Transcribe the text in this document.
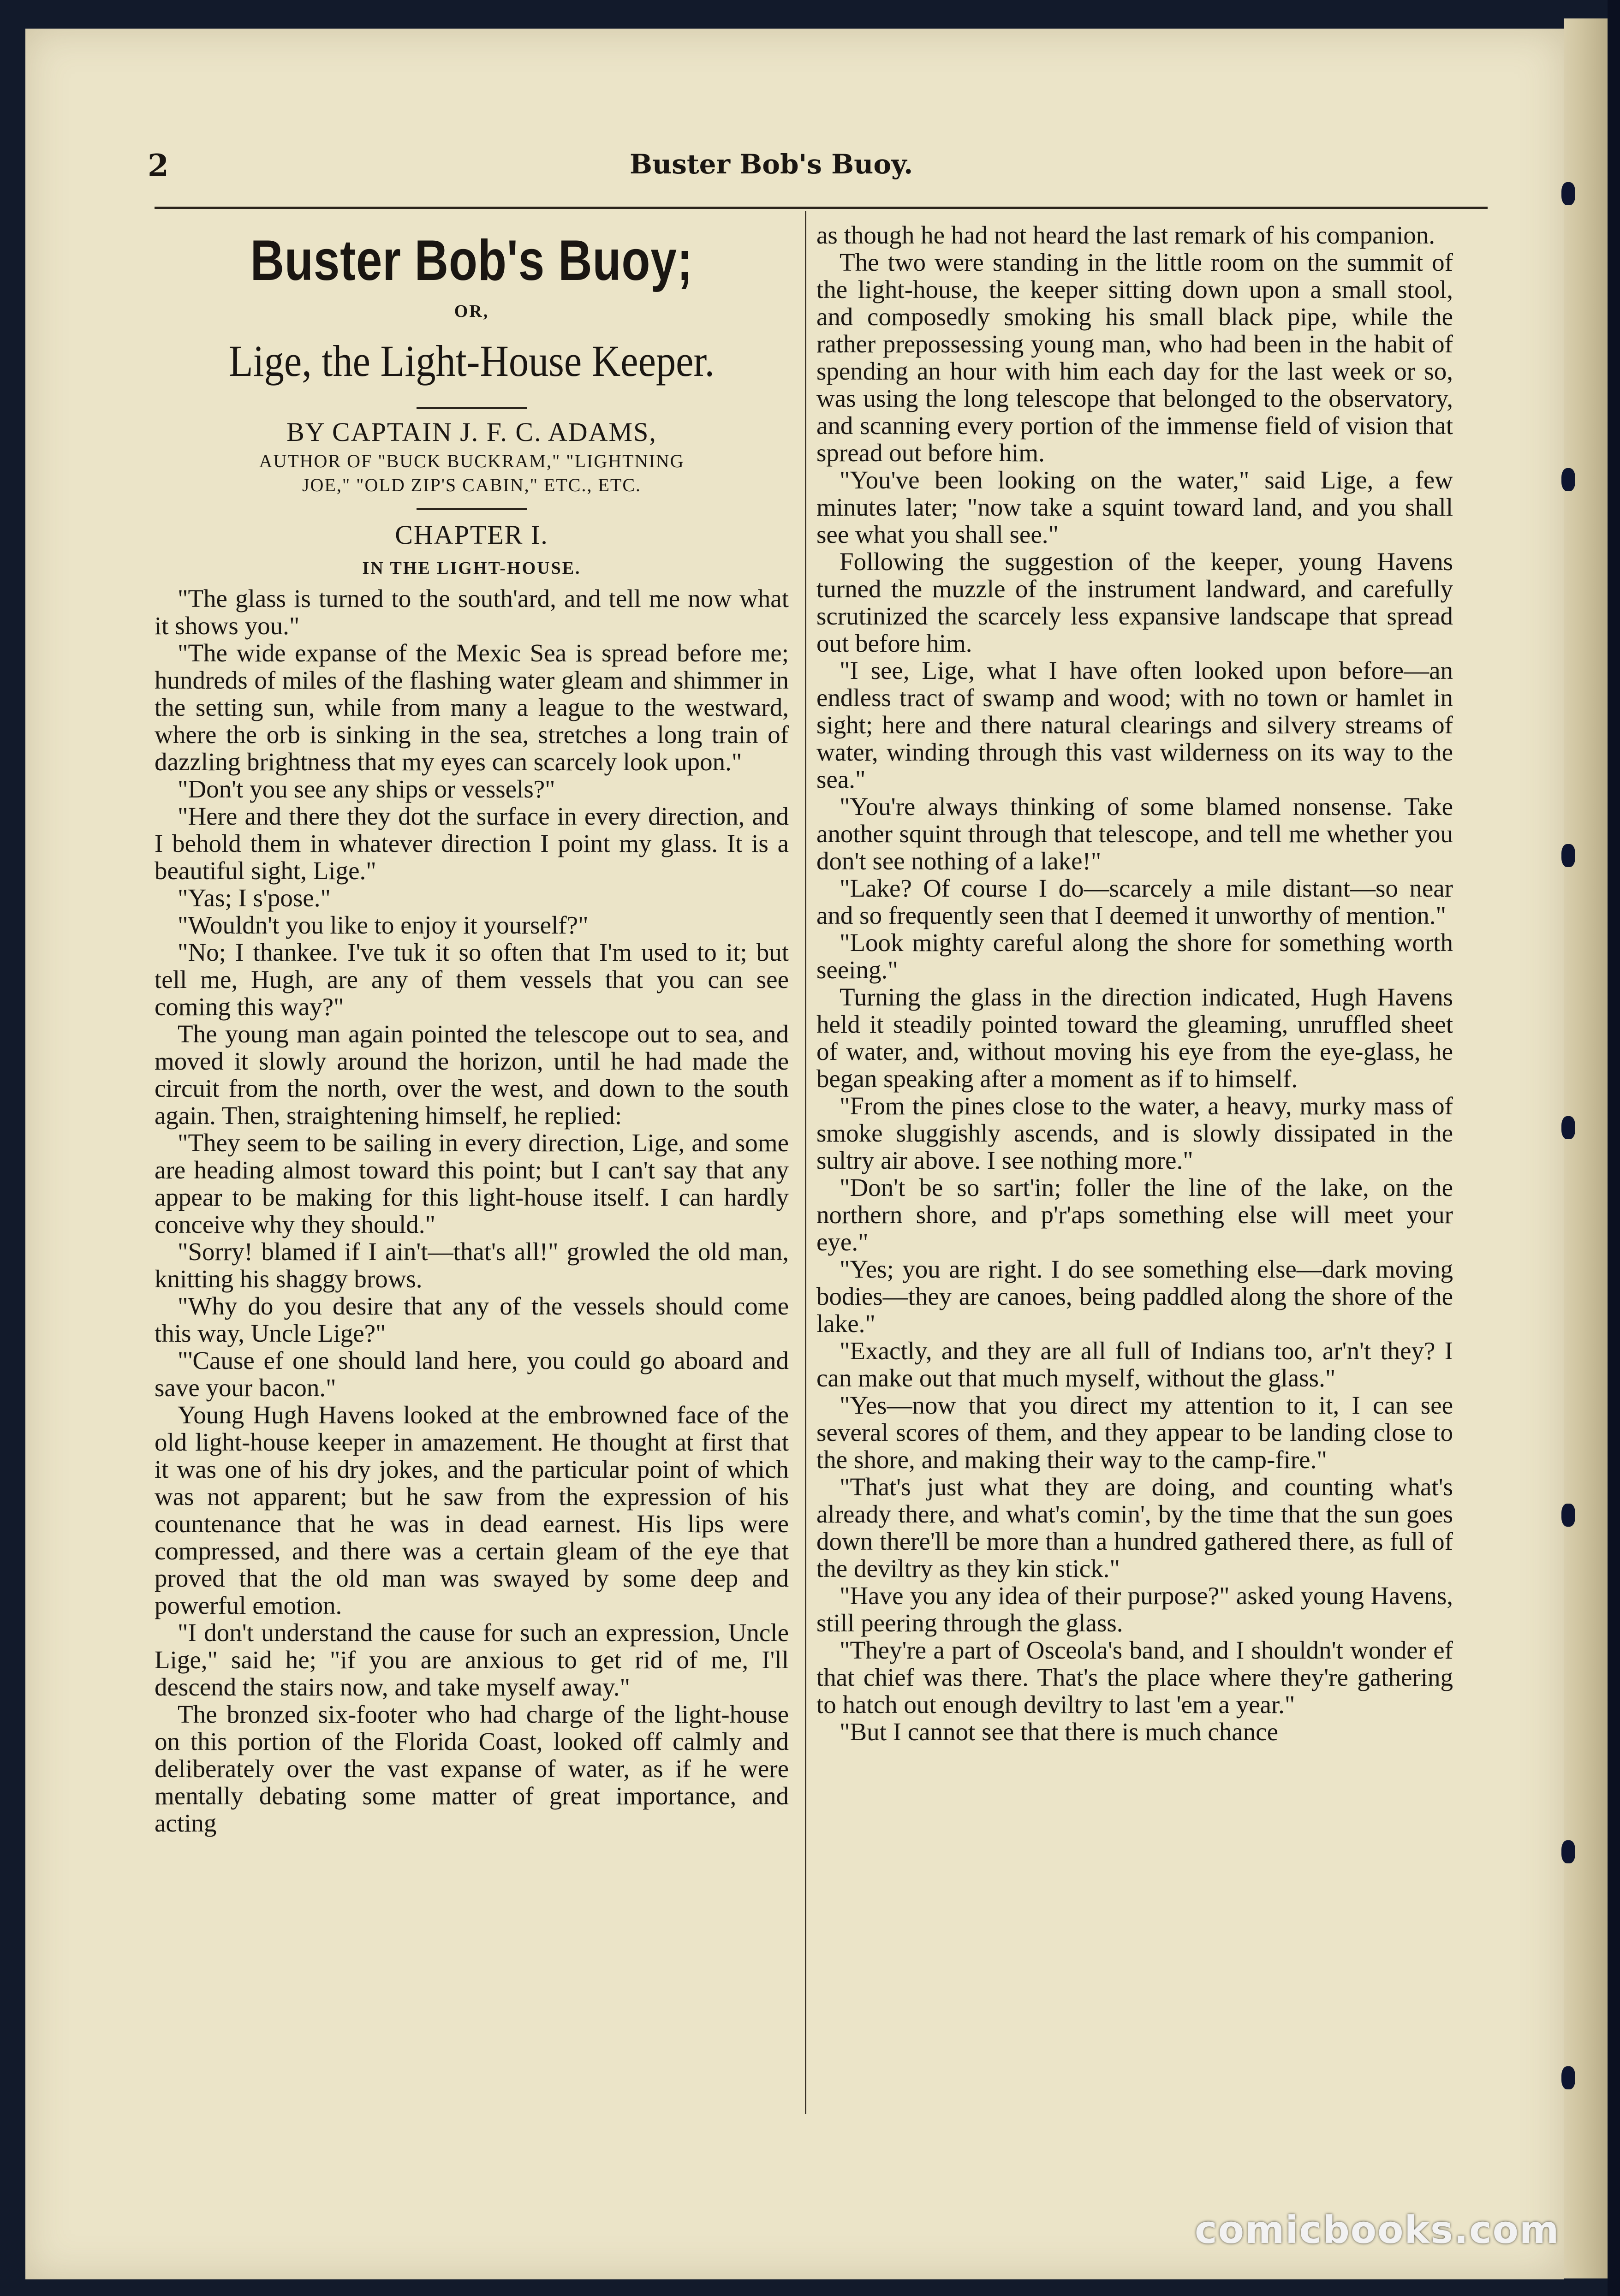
2	Buster Bob's Buoy.
Buster Bob's Buoy;
OR,
Lige, the Light-House Keeper.
BY CAPTAIN J. F. C. ADAMS,
AUTHOR OF "BUCK BUCKRAM," "LIGHTNING
JOE," "OLD ZIP'S CABIN," ETC., ETC.
CHAPTER I.
IN THE LIGHT-HOUSE.

"The glass is turned to the south'ard, and tell me now what it shows you."

"The wide expanse of the Mexic Sea is spread before me; hundreds of miles of the flashing water gleam and shimmer in the setting sun, while from many a league to the westward, where the orb is sinking in the sea, stretches a long train of dazzling brightness that my eyes can scarcely look upon."

"Don't you see any ships or vessels?"

"Here and there they dot the surface in every direction, and I behold them in whatever direction I point my glass. It is a beautiful sight, Lige."

"Yas; I s'pose."

"Wouldn't you like to enjoy it yourself?"

"No; I thankee. I've tuk it so often that I'm used to it; but tell me, Hugh, are any of them vessels that you can see coming this way?"

The young man again pointed the telescope out to sea, and moved it slowly around the horizon, until he had made the circuit from the north, over the west, and down to the south again. Then, straightening himself, he replied:

"They seem to be sailing in every direction, Lige, and some are heading almost toward this point; but I can't say that any appear to be making for this light-house itself. I can hardly conceive why they should."

"Sorry! blamed if I ain't—that's all!" growled the old man, knitting his shaggy brows.

"Why do you desire that any of the vessels should come this way, Uncle Lige?"

"'Cause ef one should land here, you could go aboard and save your bacon."

Young Hugh Havens looked at the embrowned face of the old light-house keeper in amazement. He thought at first that it was one of his dry jokes, and the particular point of which was not apparent; but he saw from the expression of his countenance that he was in dead earnest. His lips were compressed, and there was a certain gleam of the eye that proved that the old man was swayed by some deep and powerful emotion.

"I don't understand the cause for such an expression, Uncle Lige," said he; "if you are anxious to get rid of me, I'll descend the stairs now, and take myself away."

The bronzed six-footer who had charge of the light-house on this portion of the Florida Coast, looked off calmly and deliberately over the vast expanse of water, as if he were mentally debating some matter of great importance, and acting

as though he had not heard the last remark of his companion.

The two were standing in the little room on the summit of the light-house, the keeper sitting down upon a small stool, and composedly smoking his small black pipe, while the rather prepossessing young man, who had been in the habit of spending an hour with him each day for the last week or so, was using the long telescope that belonged to the observatory, and scanning every portion of the immense field of vision that spread out before him.

"You've been looking on the water," said Lige, a few minutes later; "now take a squint toward land, and you shall see what you shall see."

Following the suggestion of the keeper, young Havens turned the muzzle of the instrument landward, and carefully scrutinized the scarcely less expansive landscape that spread out before him.

"I see, Lige, what I have often looked upon before—an endless tract of swamp and wood; with no town or hamlet in sight; here and there natural clearings and silvery streams of water, winding through this vast wilderness on its way to the sea."

"You're always thinking of some blamed nonsense. Take another squint through that telescope, and tell me whether you don't see nothing of a lake!"

"Lake? Of course I do—scarcely a mile distant—so near and so frequently seen that I deemed it unworthy of mention."

"Look mighty careful along the shore for something worth seeing."

Turning the glass in the direction indicated, Hugh Havens held it steadily pointed toward the gleaming, unruffled sheet of water, and, without moving his eye from the eye-glass, he began speaking after a moment as if to himself.

"From the pines close to the water, a heavy, murky mass of smoke sluggishly ascends, and is slowly dissipated in the sultry air above. I see nothing more."

"Don't be so sart'in; foller the line of the lake, on the northern shore, and p'r'aps something else will meet your eye."

"Yes; you are right. I do see something else—dark moving bodies—they are canoes, being paddled along the shore of the lake."

"Exactly, and they are all full of Indians too, ar'n't they? I can make out that much myself, without the glass."

"Yes—now that you direct my attention to it, I can see several scores of them, and they appear to be landing close to the shore, and making their way to the camp-fire."

"That's just what they are doing, and counting what's already there, and what's comin', by the time that the sun goes down there'll be more than a hundred gathered there, as full of the deviltry as they kin stick."

"Have you any idea of their purpose?" asked young Havens, still peering through the glass.

"They're a part of Osceola's band, and I shouldn't wonder ef that chief was there. That's the place where they're gathering to hatch out enough deviltry to last 'em a year."

"But I cannot see that there is much chance

comicbooks.com
